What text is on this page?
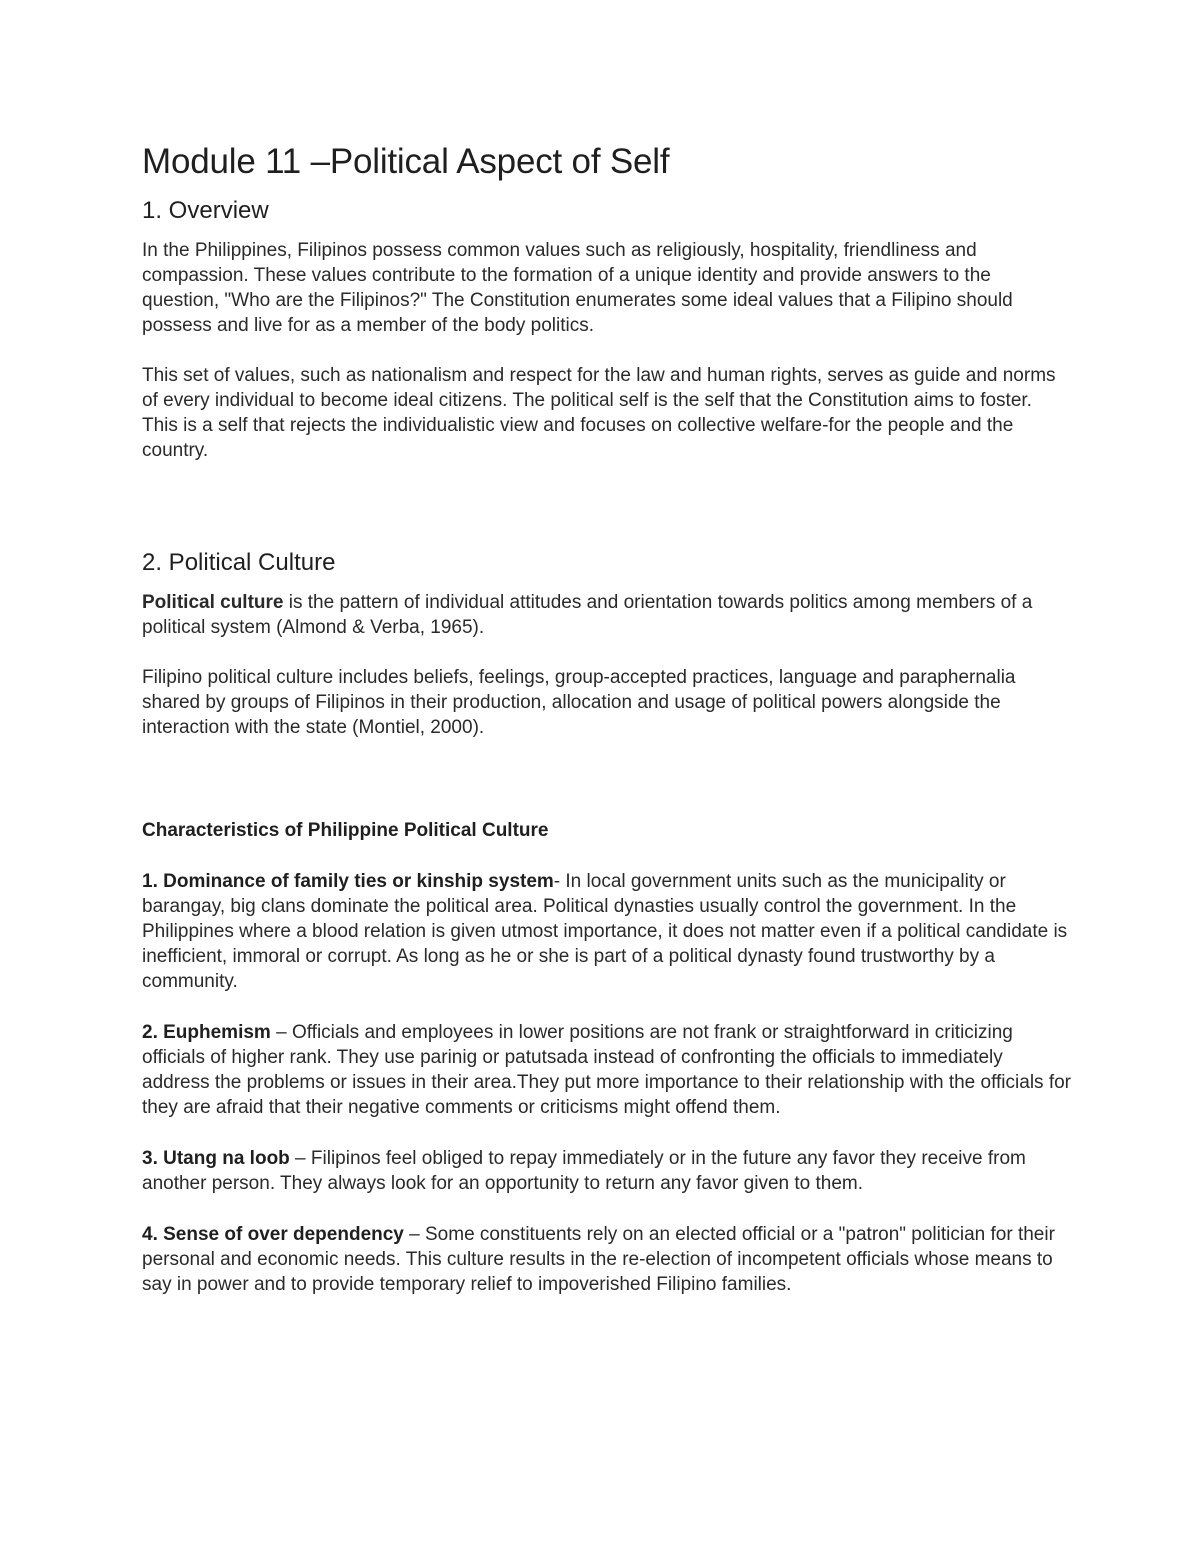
Module 11 –Political Aspect of Self
1. Overview

In the Philippines, Filipinos possess common values such as religiously, hospitality, friendliness and compassion. These values contribute to the formation of a unique identity and provide answers to the question, "Who are the Filipinos?" The Constitution enumerates some ideal values that a Filipino should possess and live for as a member of the body politics.

This set of values, such as nationalism and respect for the law and human rights, serves as guide and norms of every individual to become ideal citizens. The political self is the self that the Constitution aims to foster. This is a self that rejects the individualistic view and focuses on collective welfare-for the people and the country.

2. Political Culture

Political culture is the pattern of individual attitudes and orientation towards politics among members of a political system (Almond & Verba, 1965).

Filipino political culture includes beliefs, feelings, group-accepted practices, language and paraphernalia shared by groups of Filipinos in their production, allocation and usage of political powers alongside the interaction with the state (Montiel, 2000).

Characteristics of Philippine Political Culture

1. Dominance of family ties or kinship system- In local government units such as the municipality or barangay, big clans dominate the political area. Political dynasties usually control the government. In the Philippines where a blood relation is given utmost importance, it does not matter even if a political candidate is inefficient, immoral or corrupt. As long as he or she is part of a political dynasty found trustworthy by a community.

2. Euphemism – Officials and employees in lower positions are not frank or straightforward in criticizing officials of higher rank. They use parinig or patutsada instead of confronting the officials to immediately address the problems or issues in their area.They put more importance to their relationship with the officials for they are afraid that their negative comments or criticisms might offend them.

3. Utang na loob – Filipinos feel obliged to repay immediately or in the future any favor they receive from another person. They always look for an opportunity to return any favor given to them.

4. Sense of over dependency – Some constituents rely on an elected official or a "patron" politician for their personal and economic needs. This culture results in the re-election of incompetent officials whose means to say in power and to provide temporary relief to impoverished Filipino families.
